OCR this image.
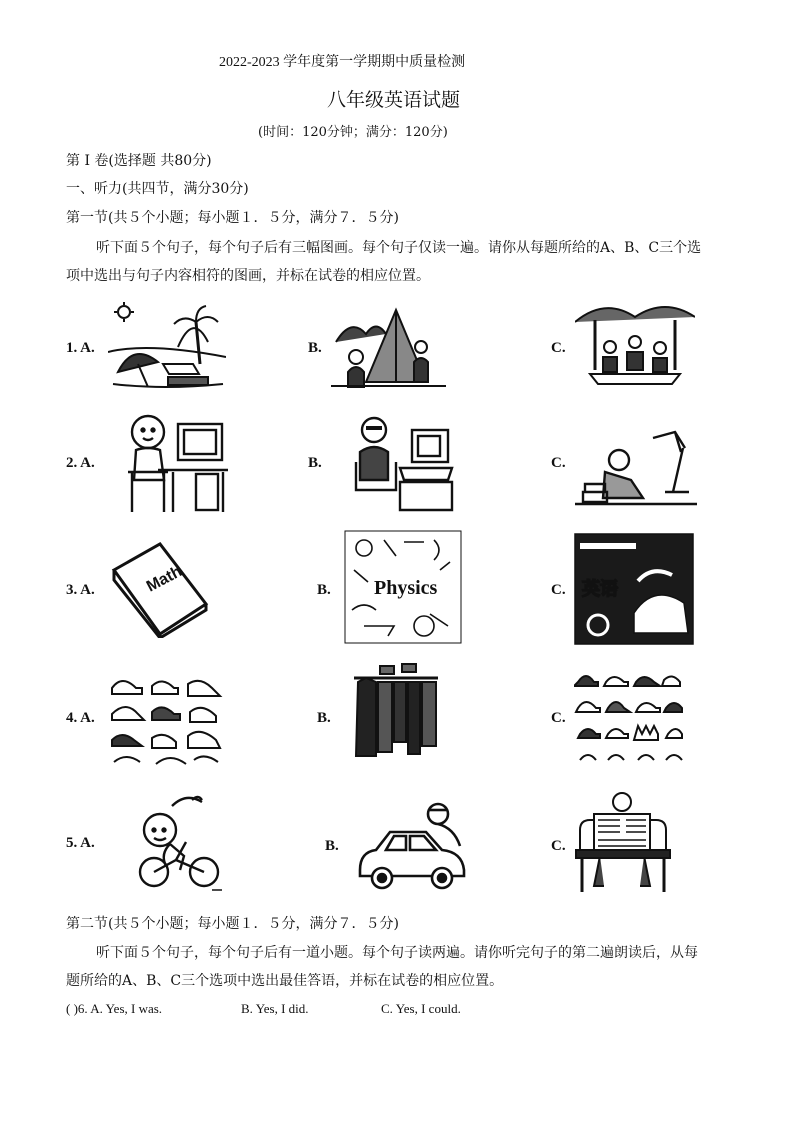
2022-2023 学年度第一学期期中质量检测
八年级英语试题
(时间：120分钟；满分：120分)
第 I 卷(选择题 共80分)
一、听力(共四节，满分30分)
第一节(共５个小题；每小题１．５分，满分７．５分)
听下面５个句子，每个句子后有三幅图画。每个句子仅读一遍。请你从每题所给的A、B、C三个选
项中选出与句子内容相符的图画，并标在试卷的相应位置。
1. A.	B.	C.
2. A.	B.	C.
3. A.	B.	C.
Math	Physics	英语
4. A.	B.	C.
5. A.	B.	C.
第二节(共５个小题；每小题１．５分，满分７．５分)
听下面５个句子，每个句子后有一道小题。每个句子读两遍。请你听完句子的第二遍朗读后，从每
题所给的A、B、C三个选项中选出最佳答语，并标在试卷的相应位置。
( )6. A. Yes, I was.	B. Yes, I did.	C. Yes, I could.
